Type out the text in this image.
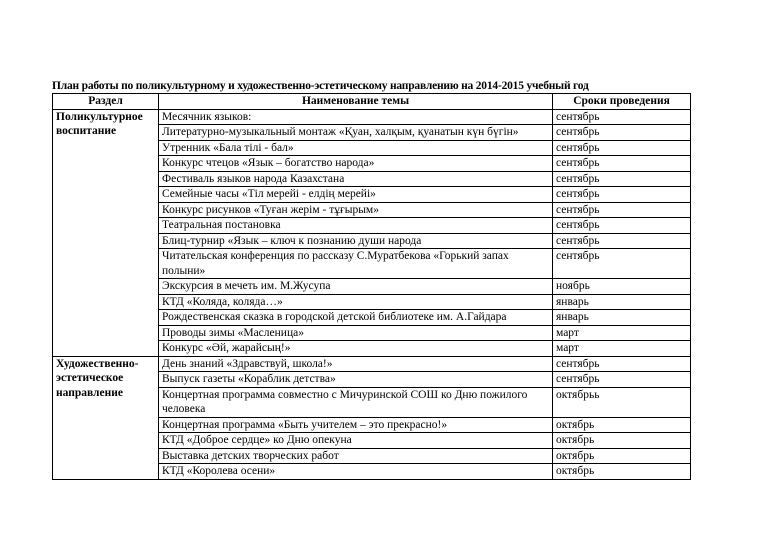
План работы по поликультурному и художественно-эстетическому направлению на 2014-2015 учебный год
Раздел	Наименование темы	Сроки проведения
Поликультурное воспитание	Месячник языков:	сентябрь
	Литературно-музыкальный монтаж «Қуан, халқым, қуанатын күн бүгін»	сентябрь
	Утренник «Бала тілі - бал»	сентябрь
	Конкурс чтецов «Язык – богатство народа»	сентябрь
	Фестиваль языков народа Казахстана	сентябрь
	Семейные часы «Тіл мерейі - елдің мерейі»	сентябрь
	Конкурс рисунков «Туған жерім - тұғырым»	сентябрь
	Театральная постановка	сентябрь
	Блиц-турнир «Язык – ключ к познанию души народа	сентябрь
	Читательская конференция по рассказу С.Муратбекова «Горький запах полыни»	сентябрь
	Экскурсия в мечеть им. М.Жусупа	ноябрь
	КТД «Коляда, коляда…»	январь
	Рождественская сказка в городской детской библиотеке им. А.Гайдара	январь
	Проводы зимы «Масленица»	март
	Конкурс «Әй, жарайсың!»	март
Художественно-эстетическое направление	День знаний «Здравствуй, школа!»	сентябрь
	Выпуск газеты «Кораблик детства»	сентябрь
	Концертная программа совместно с Мичуринской СОШ ко Дню пожилого человека	октябрьь
	Концертная программа «Быть учителем – это прекрасно!»	октябрь
	КТД «Доброе сердце» ко Дню опекуна	октябрь
	Выставка детских творческих работ	октябрь
	КТД «Королева осени»	октябрь
